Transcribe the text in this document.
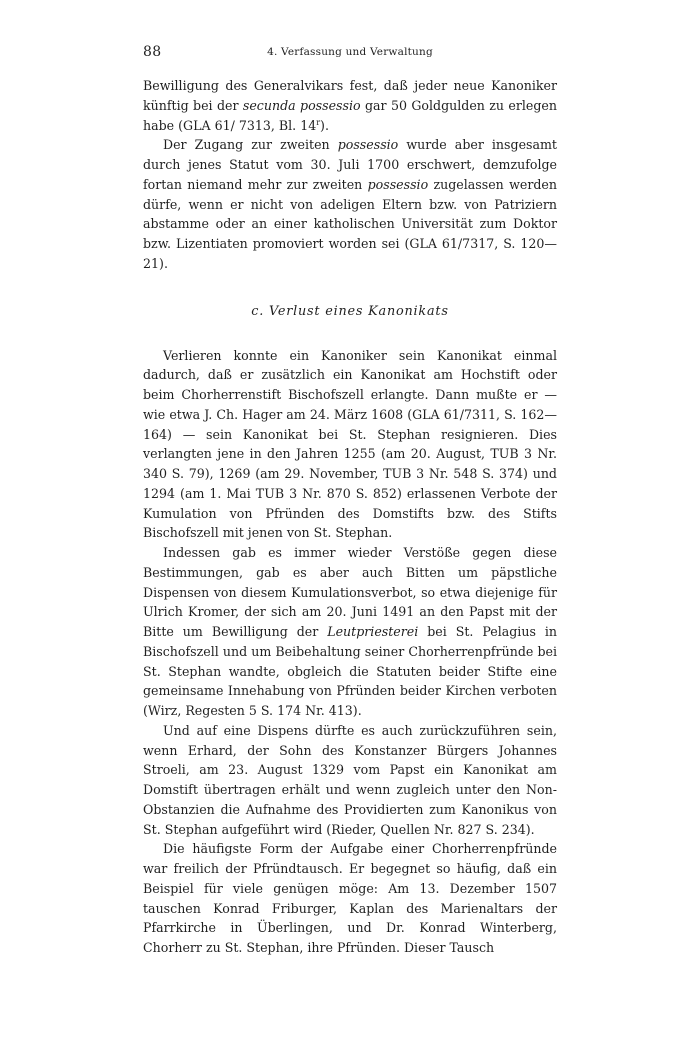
88	4. Verfassung und Verwaltung

Bewilligung des Generalvikars fest, daß jeder neue Kanoniker künftig bei der secunda possessio gar 50 Goldgulden zu erlegen habe (GLA 61/ 7313, Bl. 14$^r$).

Der Zugang zur zweiten possessio wurde aber insgesamt durch jenes Statut vom 30. Juli 1700 erschwert, demzufolge fortan niemand mehr zur zweiten possessio zugelassen werden dürfe, wenn er nicht von adeligen Eltern bzw. von Patriziern abstamme oder an einer katholischen Universität zum Doktor bzw. Lizentiaten promoviert worden sei (GLA 61/7317, S. 120—21).

c. Verlust eines Kanonikats

Verlieren konnte ein Kanoniker sein Kanonikat einmal dadurch, daß er zusätzlich ein Kanonikat am Hochstift oder beim Chorherrenstift Bischofszell erlangte. Dann mußte er — wie etwa J. Ch. Hager am 24. März 1608 (GLA 61/7311, S. 162—164) — sein Kanonikat bei St. Stephan resignieren. Dies verlangten jene in den Jahren 1255 (am 20. August, TUB 3 Nr. 340 S. 79), 1269 (am 29. November, TUB 3 Nr. 548 S. 374) und 1294 (am 1. Mai TUB 3 Nr. 870 S. 852) erlassenen Verbote der Kumulation von Pfründen des Domstifts bzw. des Stifts Bischofszell mit jenen von St. Stephan.

Indessen gab es immer wieder Verstöße gegen diese Bestimmungen, gab es aber auch Bitten um päpstliche Dispensen von diesem Kumulationsverbot, so etwa diejenige für Ulrich Kromer, der sich am 20. Juni 1491 an den Papst mit der Bitte um Bewilligung der Leutpriesterei bei St. Pelagius in Bischofszell und um Beibehaltung seiner Chorherrenpfründe bei St. Stephan wandte, obgleich die Statuten beider Stifte eine gemeinsame Innehabung von Pfründen beider Kirchen verboten (Wirz, Regesten 5 S. 174 Nr. 413).

Und auf eine Dispens dürfte es auch zurückzuführen sein, wenn Erhard, der Sohn des Konstanzer Bürgers Johannes Stroeli, am 23. August 1329 vom Papst ein Kanonikat am Domstift übertragen erhält und wenn zugleich unter den Non-Obstanzien die Aufnahme des Providierten zum Kanonikus von St. Stephan aufgeführt wird (Rieder, Quellen Nr. 827 S. 234).

Die häufigste Form der Aufgabe einer Chorherrenpfründe war freilich der Pfründtausch. Er begegnet so häufig, daß ein Beispiel für viele genügen möge: Am 13. Dezember 1507 tauschen Konrad Friburger, Kaplan des Marienaltars der Pfarrkirche in Überlingen, und Dr. Konrad Winterberg, Chorherr zu St. Stephan, ihre Pfründen. Dieser Tausch
